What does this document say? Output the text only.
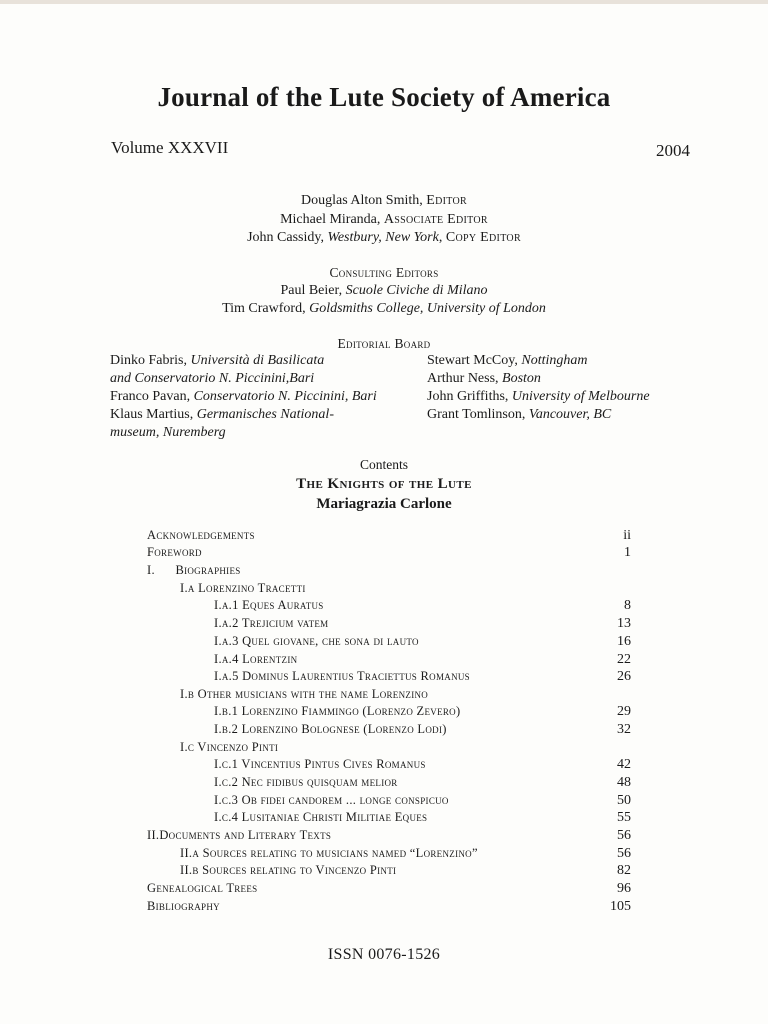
Journal of the Lute Society of America
Volume XXXVII	2004
Douglas Alton Smith, Editor
Michael Miranda, Associate Editor
John Cassidy, Westbury, New York, Copy Editor
Consulting Editors
Paul Beier, Scuole Civiche di Milano
Tim Crawford, Goldsmiths College, University of London
Editorial Board
Dinko Fabris, Università di Basilicata
and Conservatorio N. Piccinini,Bari
Franco Pavan, Conservatorio N. Piccinini, Bari
Klaus Martius, Germanisches National-
museum, Nuremberg
Stewart McCoy, Nottingham
Arthur Ness, Boston
John Griffiths, University of Melbourne
Grant Tomlinson, Vancouver, BC
Contents
The Knights of the Lute
Mariagrazia Carlone
Acknowledgements	ii
Foreword	1
I.      Biographies
I.a Lorenzino Tracetti
I.a.1 Eques Auratus	8
I.a.2 Trejicium vatem	13
I.a.3 Quel giovane, che sona di lauto	16
I.a.4 Lorentzin	22
I.a.5 Dominus Laurentius Traciettus Romanus	26
I.b Other musicians with the name Lorenzino
I.b.1 Lorenzino Fiammingo (Lorenzo Zevero)	29
I.b.2 Lorenzino Bolognese (Lorenzo Lodi)	32
I.c Vincenzo Pinti
I.c.1 Vincentius Pintus Cives Romanus	42
I.c.2 Nec fidibus quisquam melior	48
I.c.3 Ob fidei candorem ... longe conspicuo	50
I.c.4 Lusitaniae Christi Militiae Eques	55
II.Documents and Literary Texts	56
II.a Sources relating to musicians named “Lorenzino”	56
II.b Sources relating to Vincenzo Pinti	82
Genealogical Trees	96
Bibliography	105
ISSN 0076-1526
